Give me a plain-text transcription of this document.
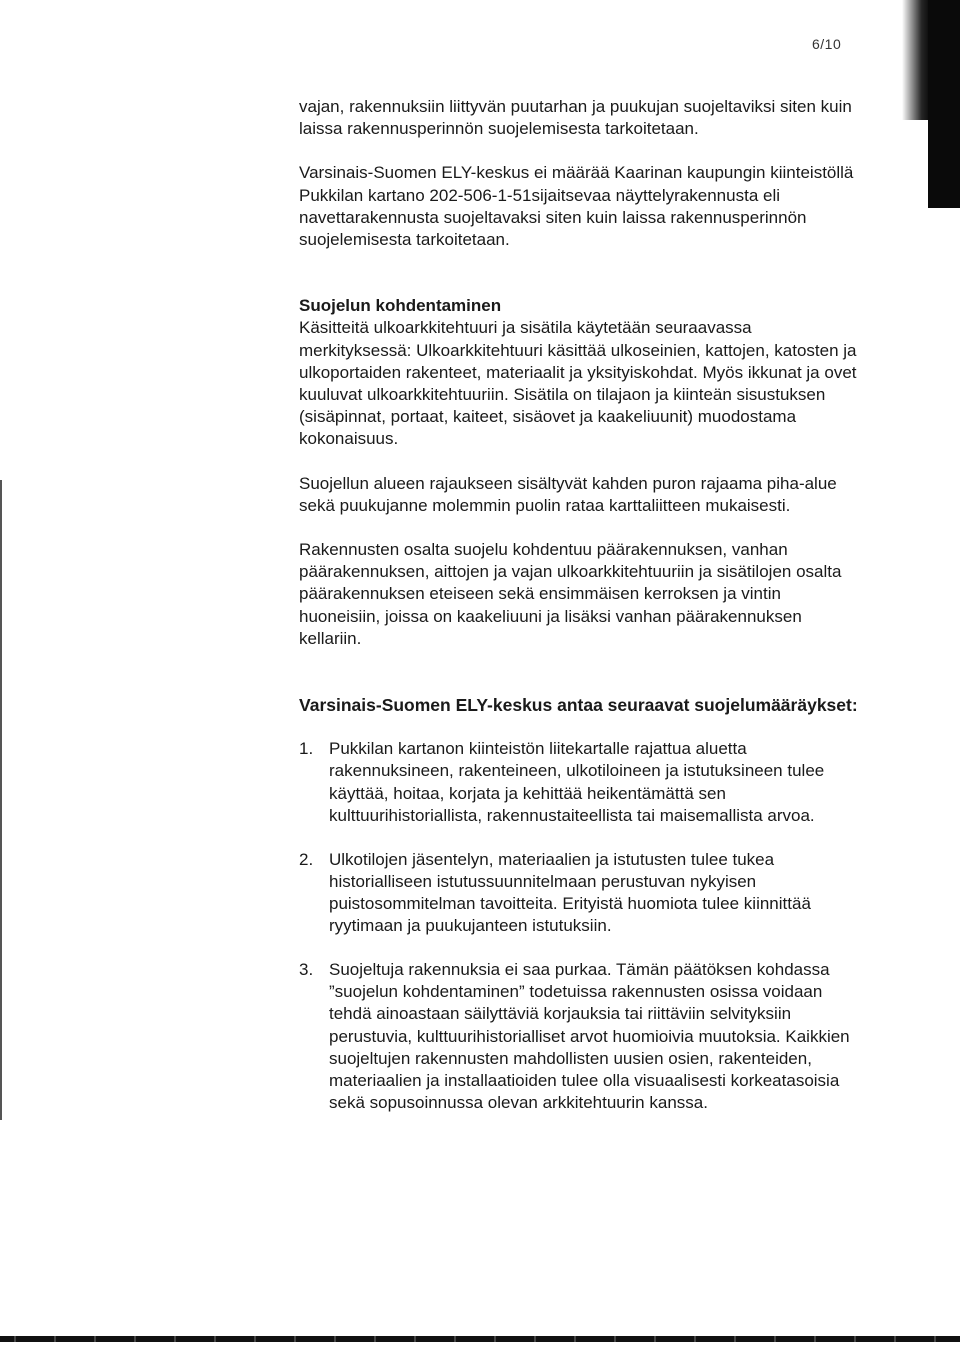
6/10

vajan, rakennuksiin liittyvän puutarhan ja puukujan suojeltaviksi siten kuin laissa rakennusperinnön suojelemisesta tarkoitetaan.

Varsinais-Suomen ELY-keskus ei määrää Kaarinan kaupungin kiinteistöllä Pukkilan kartano 202-506-1-51sijaitsevaa näyttelyrakennusta eli navettarakennusta suojeltavaksi siten kuin laissa rakennusperinnön suojelemisesta tarkoitetaan.

Suojelun kohdentaminen

Käsitteitä ulkoarkkitehtuuri ja sisätila käytetään seuraavassa merkityksessä: Ulkoarkkitehtuuri käsittää ulkoseinien, kattojen, katosten ja ulkoportaiden rakenteet, materiaalit ja yksityiskohdat. Myös ikkunat ja ovet kuuluvat ulkoarkkitehtuuriin. Sisätila on tilajaon ja kiinteän sisustuksen (sisäpinnat, portaat, kaiteet, sisäovet ja kaakeliuunit) muodostama kokonaisuus.

Suojellun alueen rajaukseen sisältyvät kahden puron rajaama piha-alue sekä puukujanne molemmin puolin rataa karttaliitteen mukaisesti.

Rakennusten osalta suojelu kohdentuu päärakennuksen, vanhan päärakennuksen, aittojen ja vajan ulkoarkkitehtuuriin ja sisätilojen osalta päärakennuksen eteiseen sekä ensimmäisen kerroksen ja vintin huoneisiin, joissa on kaakeliuuni ja lisäksi vanhan päärakennuksen kellariin.

Varsinais-Suomen ELY-keskus antaa seuraavat suojelumääräykset:

1. Pukkilan kartanon kiinteistön liitekartalle rajattua aluetta rakennuksineen, rakenteineen, ulkotiloineen ja istutuksineen tulee käyttää, hoitaa, korjata ja kehittää heikentämättä sen kulttuurihistoriallista, rakennustaiteellista tai maisemallista arvoa.
2. Ulkotilojen jäsentelyn, materiaalien ja istutusten tulee tukea historialliseen istutussuunnitelmaan perustuvan nykyisen puistosommitelman tavoitteita. Erityistä huomiota tulee kiinnittää ryytimaan ja puukujanteen istutuksiin.
3. Suojeltuja rakennuksia ei saa purkaa. Tämän päätöksen kohdassa ”suojelun kohdentaminen” todetuissa rakennusten osissa voidaan tehdä ainoastaan säilyttäviä korjauksia tai riittäviin selvityksiin perustuvia, kulttuurihistorialliset arvot huomioivia muutoksia. Kaikkien suojeltujen rakennusten mahdollisten uusien osien, rakenteiden, materiaalien ja installaatioiden tulee olla visuaalisesti korkeatasoisia sekä sopusoinnussa olevan arkkitehtuurin kanssa.
